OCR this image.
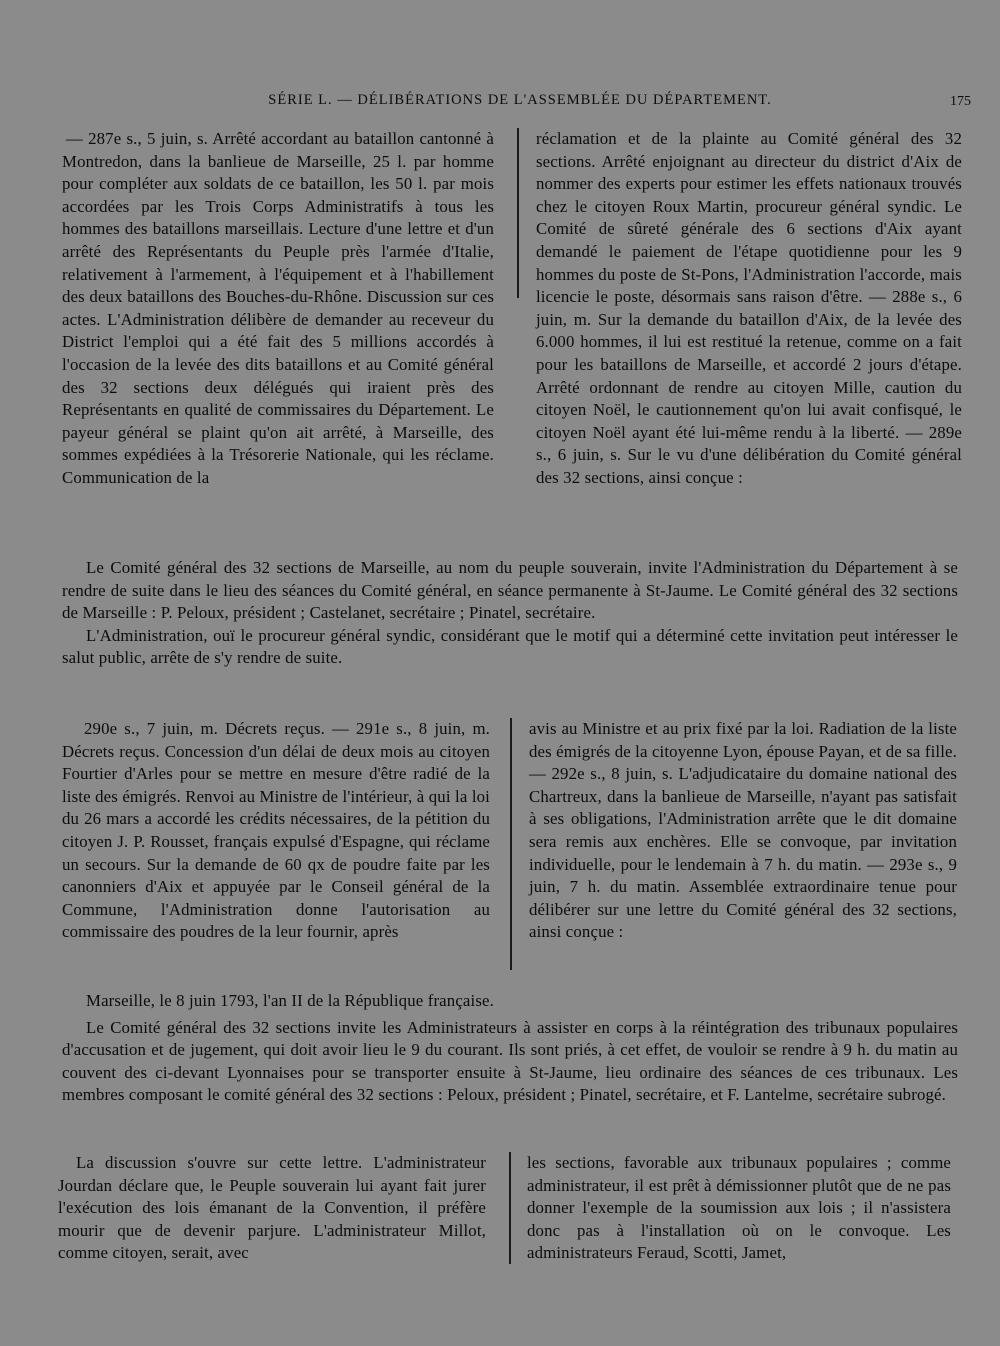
SÉRIE L. — DÉLIBÉRATIONS DE L'ASSEMBLÉE DU DÉPARTEMENT.	175

— 287e s., 5 juin, s. Arrêté accordant au bataillon cantonné à Montredon, dans la banlieue de Marseille, 25 l. par homme pour compléter aux soldats de ce bataillon, les 50 l. par mois accordées par les Trois Corps Administratifs à tous les hommes des bataillons marseillais. Lecture d'une lettre et d'un arrêté des Représentants du Peuple près l'armée d'Italie, relativement à l'armement, à l'équipement et à l'habillement des deux bataillons des Bouches-du-Rhône. Discussion sur ces actes. L'Administration délibère de demander au receveur du District l'emploi qui a été fait des 5 millions accordés à l'occasion de la levée des dits bataillons et au Comité général des 32 sections deux délégués qui iraient près des Représentants en qualité de commissaires du Département. Le payeur général se plaint qu'on ait arrêté, à Marseille, des sommes expédiées à la Trésorerie Nationale, qui les réclame. Communication de la

réclamation et de la plainte au Comité général des 32 sections. Arrêté enjoignant au directeur du district d'Aix de nommer des experts pour estimer les effets nationaux trouvés chez le citoyen Roux Martin, procureur général syndic. Le Comité de sûreté générale des 6 sections d'Aix ayant demandé le paiement de l'étape quotidienne pour les 9 hommes du poste de St-Pons, l'Administration l'accorde, mais licencie le poste, désormais sans raison d'être. — 288e s., 6 juin, m. Sur la demande du bataillon d'Aix, de la levée des 6.000 hommes, il lui est restitué la retenue, comme on a fait pour les bataillons de Marseille, et accordé 2 jours d'étape. Arrêté ordonnant de rendre au citoyen Mille, caution du citoyen Noël, le cautionnement qu'on lui avait confisqué, le citoyen Noël ayant été lui-même rendu à la liberté. — 289e s., 6 juin, s. Sur le vu d'une délibération du Comité général des 32 sections, ainsi conçue :

Le Comité général des 32 sections de Marseille, au nom du peuple souverain, invite l'Administration du Département à se rendre de suite dans le lieu des séances du Comité général, en séance permanente à St-Jaume. Le Comité général des 32 sections de Marseille : P. Peloux, président ; Castelanet, secrétaire ; Pinatel, secrétaire.

L'Administration, ouï le procureur général syndic, considérant que le motif qui a déterminé cette invitation peut intéresser le salut public, arrête de s'y rendre de suite.

290e s., 7 juin, m. Décrets reçus. — 291e s., 8 juin, m. Décrets reçus. Concession d'un délai de deux mois au citoyen Fourtier d'Arles pour se mettre en mesure d'être radié de la liste des émigrés. Renvoi au Ministre de l'intérieur, à qui la loi du 26 mars a accordé les crédits nécessaires, de la pétition du citoyen J. P. Rousset, français expulsé d'Espagne, qui réclame un secours. Sur la demande de 60 qx de poudre faite par les canonniers d'Aix et appuyée par le Conseil général de la Commune, l'Administration donne l'autorisation au commissaire des poudres de la leur fournir, après

avis au Ministre et au prix fixé par la loi. Radiation de la liste des émigrés de la citoyenne Lyon, épouse Payan, et de sa fille. — 292e s., 8 juin, s. L'adjudicataire du domaine national des Chartreux, dans la banlieue de Marseille, n'ayant pas satisfait à ses obligations, l'Administration arrête que le dit domaine sera remis aux enchères. Elle se convoque, par invitation individuelle, pour le lendemain à 7 h. du matin. — 293e s., 9 juin, 7 h. du matin. Assemblée extraordinaire tenue pour délibérer sur une lettre du Comité général des 32 sections, ainsi conçue :

Marseille, le 8 juin 1793, l'an II de la République française.

Le Comité général des 32 sections invite les Administrateurs à assister en corps à la réintégration des tribunaux populaires d'accusation et de jugement, qui doit avoir lieu le 9 du courant. Ils sont priés, à cet effet, de vouloir se rendre à 9 h. du matin au couvent des ci-devant Lyonnaises pour se transporter ensuite à St-Jaume, lieu ordinaire des séances de ces tribunaux. Les membres composant le comité général des 32 sections : Peloux, président ; Pinatel, secrétaire, et F. Lantelme, secrétaire subrogé.

La discussion s'ouvre sur cette lettre. L'administrateur Jourdan déclare que, le Peuple souverain lui ayant fait jurer l'exécution des lois émanant de la Convention, il préfère mourir que de devenir parjure. L'administrateur Millot, comme citoyen, serait, avec

les sections, favorable aux tribunaux populaires ; comme administrateur, il est prêt à démissionner plutôt que de ne pas donner l'exemple de la soumission aux lois ; il n'assistera donc pas à l'installation où on le convoque. Les administrateurs Feraud, Scotti, Jamet,
